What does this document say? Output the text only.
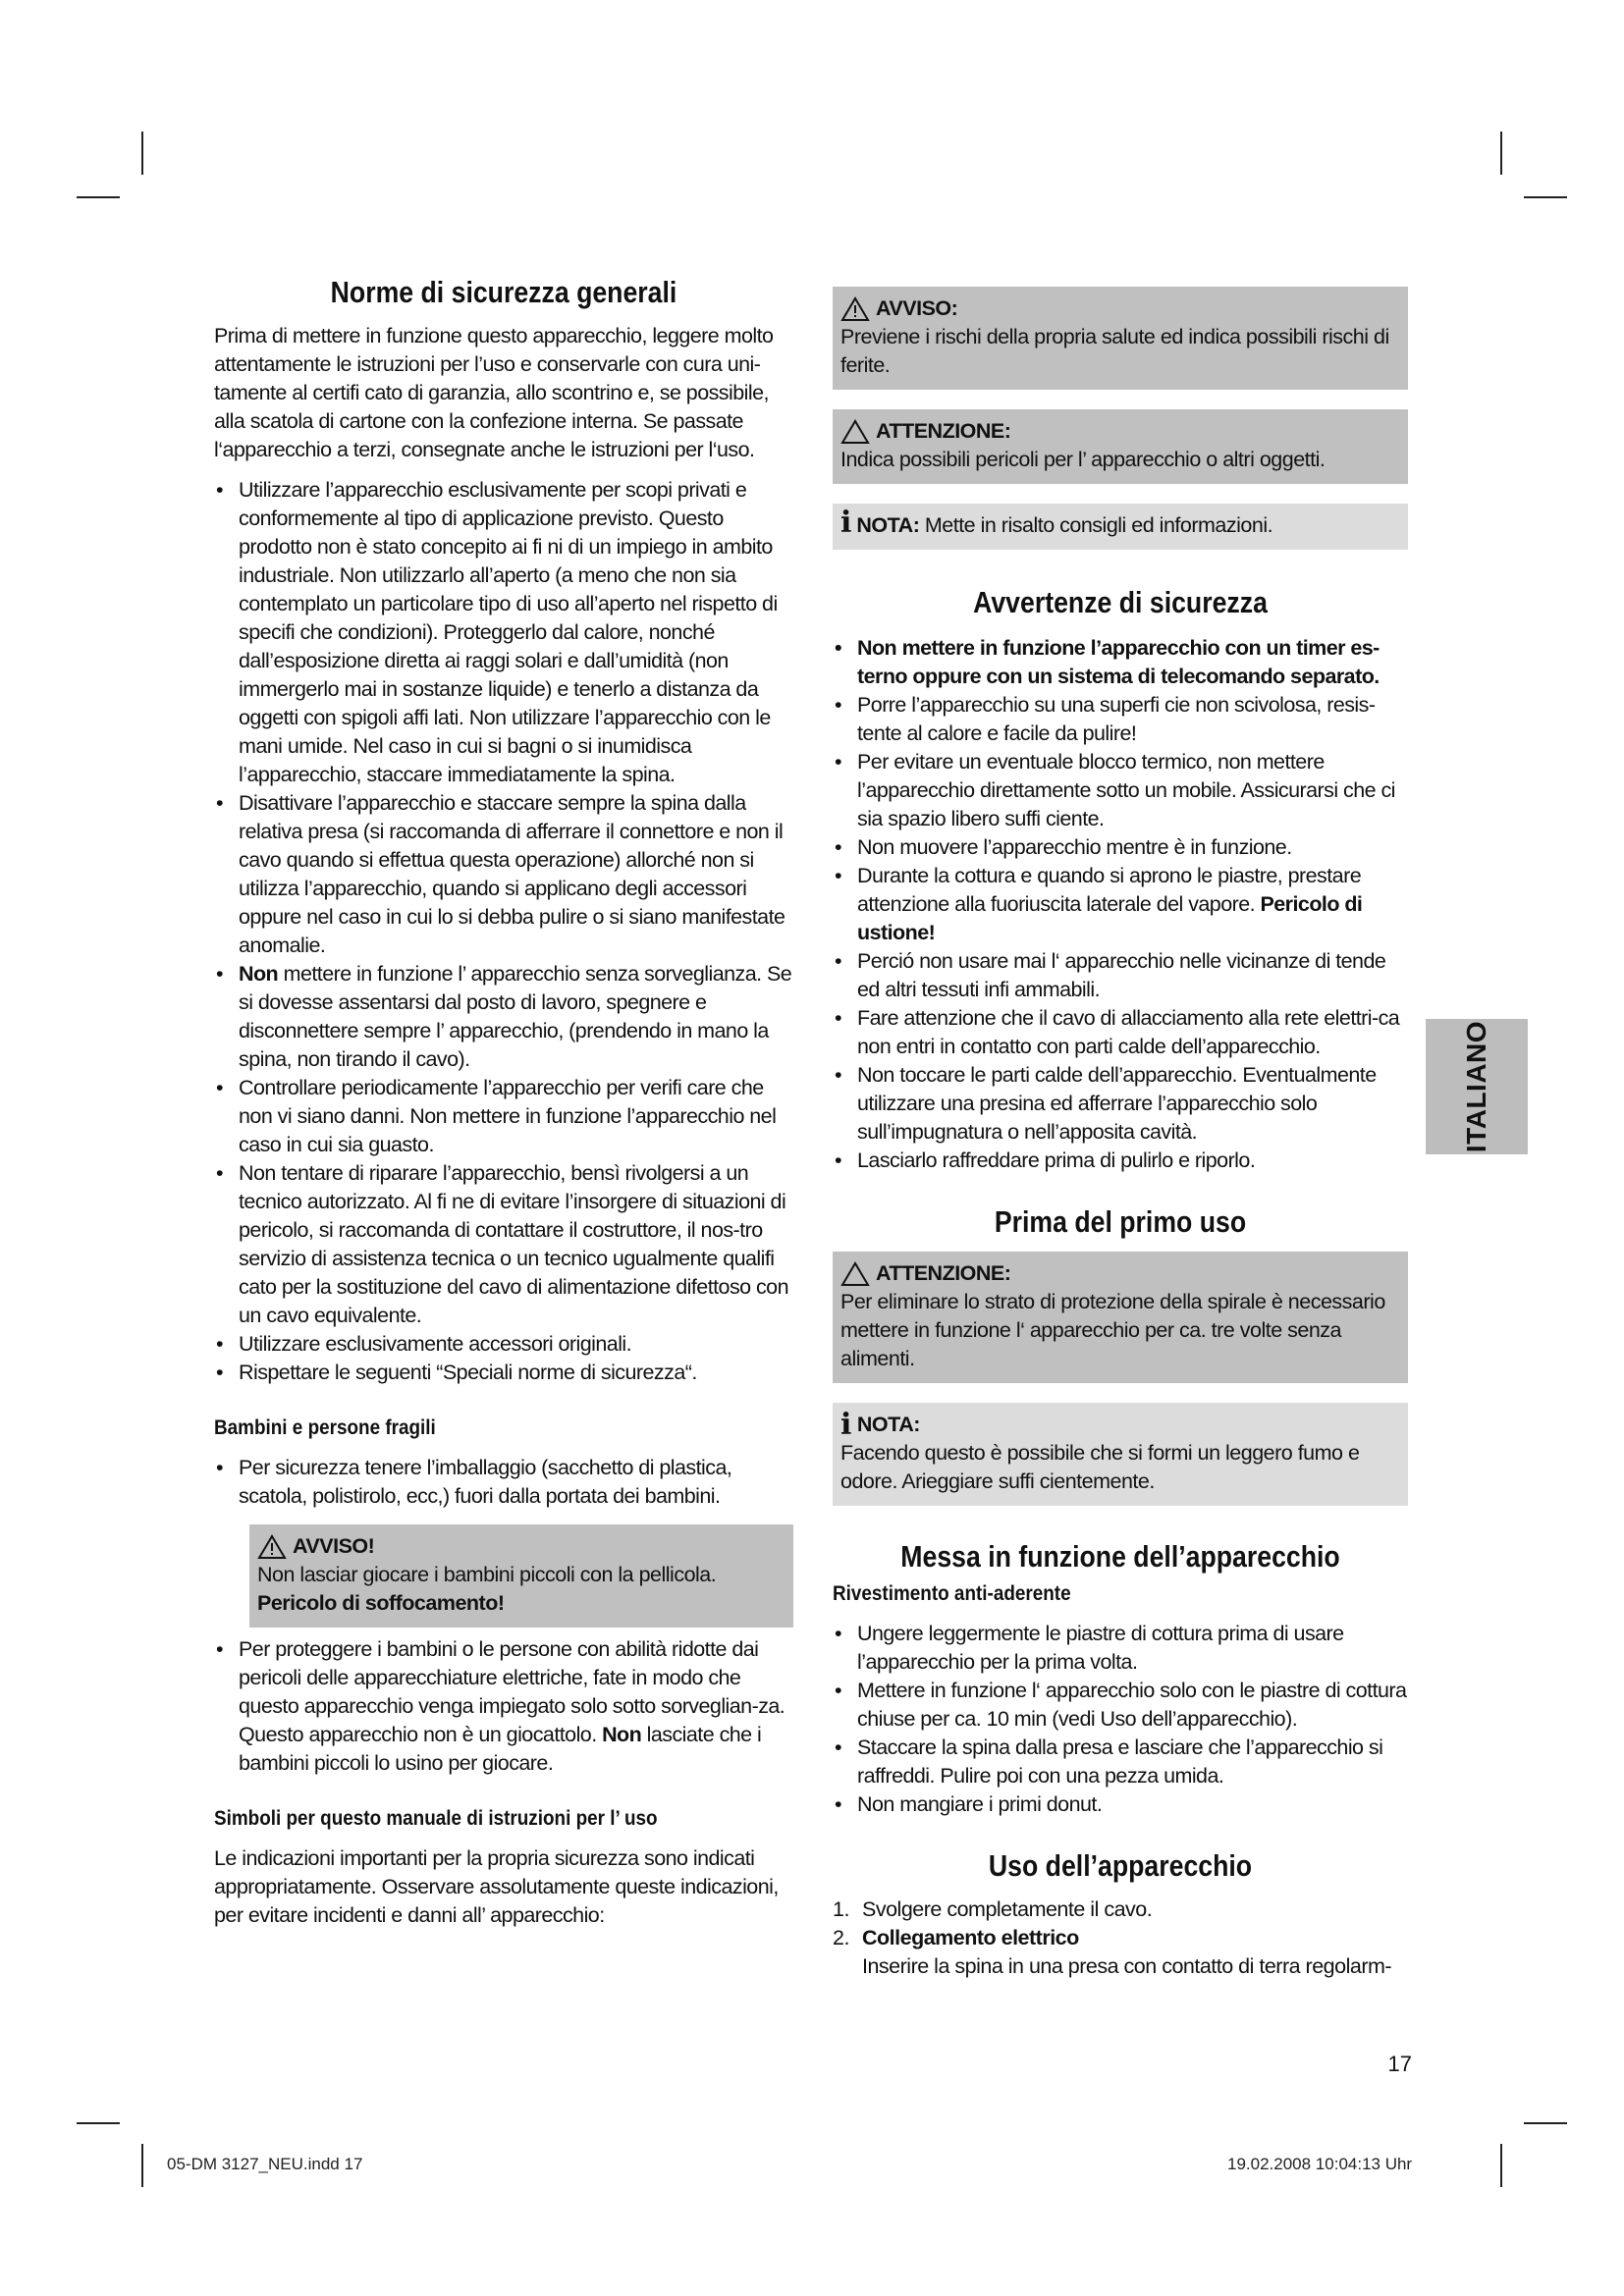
Norme di sicurezza generali

Prima di mettere in funzione questo apparecchio, leggere molto attentamente le istruzioni per l’uso e conservarle con cura uni-tamente al certifi cato di garanzia, allo scontrino e, se possibile, alla scatola di cartone con la confezione interna. Se passate l‘apparecchio a terzi, consegnate anche le istruzioni per l‘uso.

• Utilizzare l’apparecchio esclusivamente per scopi privati e conformemente al tipo di applicazione previsto. Questo prodotto non è stato concepito ai fi ni di un impiego in ambito industriale. Non utilizzarlo all’aperto (a meno che non sia contemplato un particolare tipo di uso all’aperto nel rispetto di specifi che condizioni). Proteggerlo dal calore, nonché dall’esposizione diretta ai raggi solari e dall’umidità (non immergerlo mai in sostanze liquide) e tenerlo a distanza da oggetti con spigoli affi lati. Non utilizzare l’apparecchio con le mani umide. Nel caso in cui si bagni o si inumidisca l’apparecchio, staccare immediatamente la spina.
• Disattivare l’apparecchio e staccare sempre la spina dalla relativa presa (si raccomanda di afferrare il connettore e non il cavo quando si effettua questa operazione) allorché non si utilizza l’apparecchio, quando si applicano degli accessori oppure nel caso in cui lo si debba pulire o si siano manifestate anomalie.
• Non mettere in funzione l’ apparecchio senza sorveglianza. Se si dovesse assentarsi dal posto di lavoro, spegnere e disconnettere sempre l’ apparecchio, (prendendo in mano la spina, non tirando il cavo).
• Controllare periodicamente l’apparecchio per verifi care che non vi siano danni. Non mettere in funzione l’apparecchio nel caso in cui sia guasto.
• Non tentare di riparare l’apparecchio, bensì rivolgersi a un tecnico autorizzato. Al fi ne di evitare l’insorgere di situazioni di pericolo, si raccomanda di contattare il costruttore, il nos-tro servizio di assistenza tecnica o un tecnico ugualmente qualifi cato per la sostituzione del cavo di alimentazione difettoso con un cavo equivalente.
• Utilizzare esclusivamente accessori originali.
• Rispettare le seguenti “Speciali norme di sicurezza“.
Bambini e persone fragili
• Per sicurezza tenere l’imballaggio (sacchetto di plastica, scatola, polistirolo, ecc,) fuori dalla portata dei bambini.
AVVISO!
Non lasciar giocare i bambini piccoli con la pellicola.
Pericolo di soffocamento!
• Per proteggere i bambini o le persone con abilità ridotte dai pericoli delle apparecchiature elettriche, fate in modo che questo apparecchio venga impiegato solo sotto sorveglian-za. Questo apparecchio non è un giocattolo. Non lasciate che i bambini piccoli lo usino per giocare.
Simboli per questo manuale di istruzioni per l’ uso

Le indicazioni importanti per la propria sicurezza sono indicati appropriatamente. Osservare assolutamente queste indicazioni, per evitare incidenti e danni all’ apparecchio:

AVVISO:
Previene i rischi della propria salute ed indica possibili rischi di ferite.
ATTENZIONE:
Indica possibili pericoli per l’ apparecchio o altri oggetti.
i NOTA: Mette in risalto consigli ed informazioni.
Avvertenze di sicurezza
• Non mettere in funzione l’apparecchio con un timer es-terno oppure con un sistema di telecomando separato.
• Porre l’apparecchio su una superfi cie non scivolosa, resis-tente al calore e facile da pulire!
• Per evitare un eventuale blocco termico, non mettere l’apparecchio direttamente sotto un mobile. Assicurarsi che ci sia spazio libero suffi ciente.
• Non muovere l’apparecchio mentre è in funzione.
• Durante la cottura e quando si aprono le piastre, prestare attenzione alla fuoriuscita laterale del vapore. Pericolo di ustione!
• Perció non usare mai l‘ apparecchio nelle vicinanze di tende ed altri tessuti infi ammabili.
• Fare attenzione che il cavo di allacciamento alla rete elettri-ca non entri in contatto con parti calde dell’apparecchio.
• Non toccare le parti calde dell’apparecchio. Eventualmente utilizzare una presina ed afferrare l’apparecchio solo sull’impugnatura o nell’apposita cavità.
• Lasciarlo raffreddare prima di pulirlo e riporlo.
Prima del primo uso
ATTENZIONE:
Per eliminare lo strato di protezione della spirale è necessario mettere in funzione l‘ apparecchio per ca. tre volte senza alimenti.
i NOTA:
Facendo questo è possibile che si formi un leggero fumo e odore. Arieggiare suffi cientemente.
Messa in funzione dell’apparecchio
Rivestimento anti-aderente
• Ungere leggermente le piastre di cottura prima di usare l’apparecchio per la prima volta.
• Mettere in funzione l‘ apparecchio solo con le piastre di cottura chiuse per ca. 10 min (vedi Uso dell’apparecchio).
• Staccare la spina dalla presa e lasciare che l’apparecchio si raffreddi. Pulire poi con una pezza umida.
• Non mangiare i primi donut.
Uso dell’apparecchio
1. Svolgere completamente il cavo.
2. Collegamento elettrico
Inserire la spina in una presa con contatto di terra regolarm-
ITALIANO
17
05-DM 3127_NEU.indd 17	19.02.2008 10:04:13 Uhr
